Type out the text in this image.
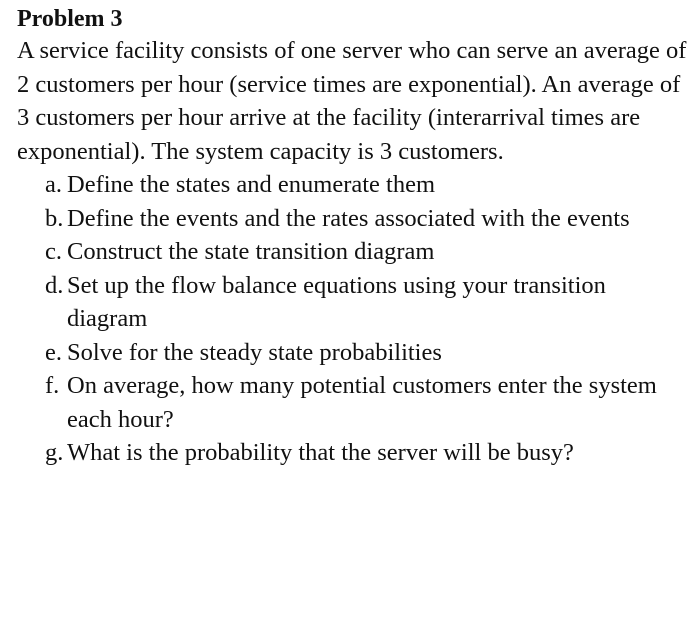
Problem 3

A service facility consists of one server who can serve an average of 2 customers per hour (service times are exponential). An average of 3 customers per hour arrive at the facility (interarrival times are exponential). The system capacity is 3 customers.

a. Define the states and enumerate them
b. Define the events and the rates associated with the events
c. Construct the state transition diagram
d. Set up the flow balance equations using your transition diagram
e. Solve for the steady state probabilities
f. On average, how many potential customers enter the system each hour?
g. What is the probability that the server will be busy?
